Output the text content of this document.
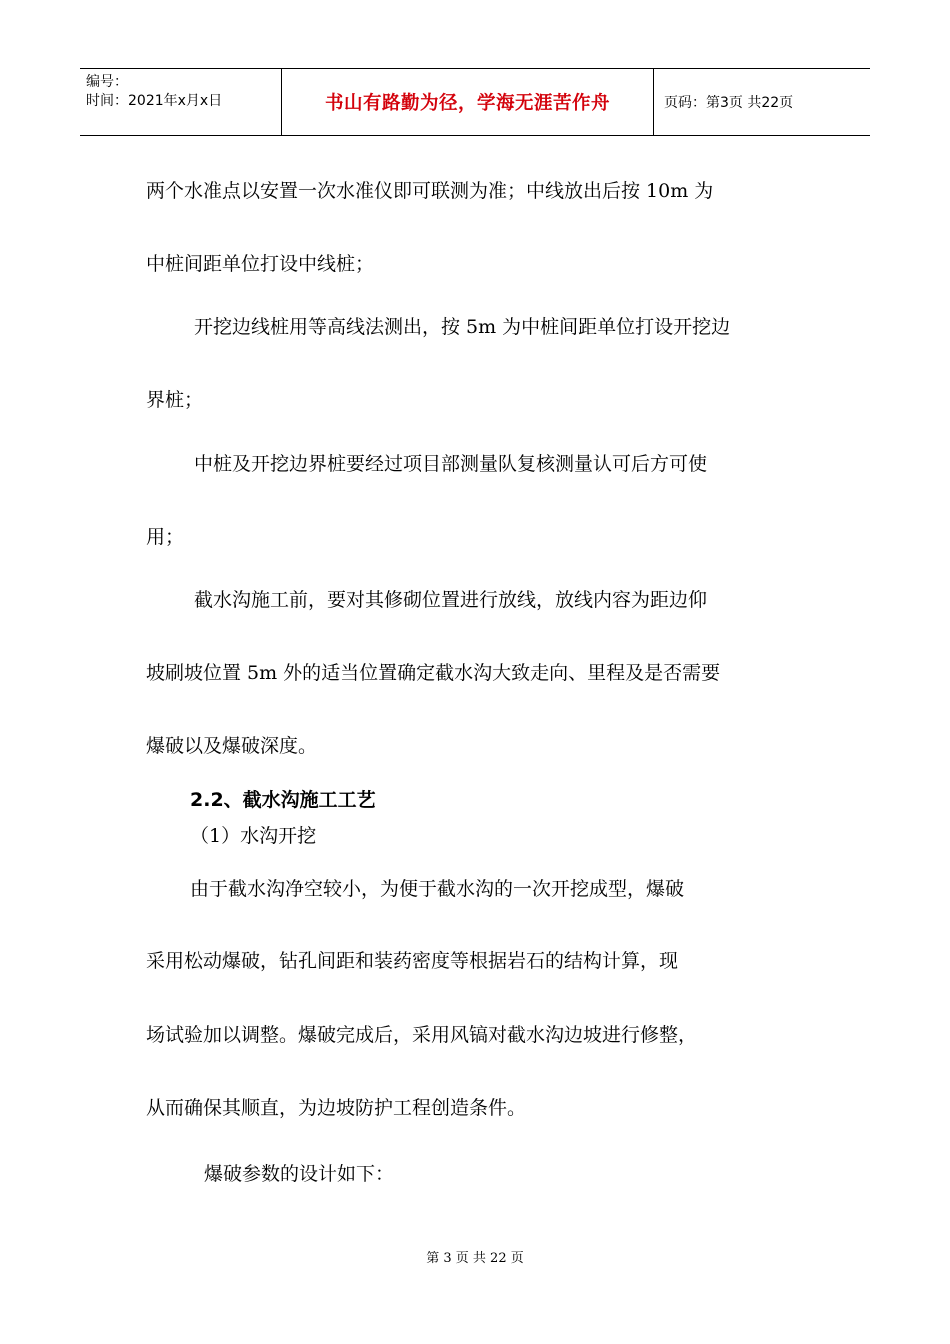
编号：
时间：2021年x月x日	书山有路勤为径，学海无涯苦作舟	页码：第3页 共22页
两个水准点以安置一次水准仪即可联测为准；中线放出后按 10m 为
中桩间距单位打设中线桩；
开挖边线桩用等高线法测出，按 5m 为中桩间距单位打设开挖边
界桩；
中桩及开挖边界桩要经过项目部测量队复核测量认可后方可使
用；
截水沟施工前，要对其修砌位置进行放线，放线内容为距边仰
坡刷坡位置 5m 外的适当位置确定截水沟大致走向、里程及是否需要
爆破以及爆破深度。
2.2、截水沟施工工艺
（1）水沟开挖
由于截水沟净空较小，为便于截水沟的一次开挖成型，爆破
采用松动爆破，钻孔间距和装药密度等根据岩石的结构计算，现
场试验加以调整。爆破完成后，采用风镐对截水沟边坡进行修整，
从而确保其顺直，为边坡防护工程创造条件。
爆破参数的设计如下：
第 3 页 共 22 页
